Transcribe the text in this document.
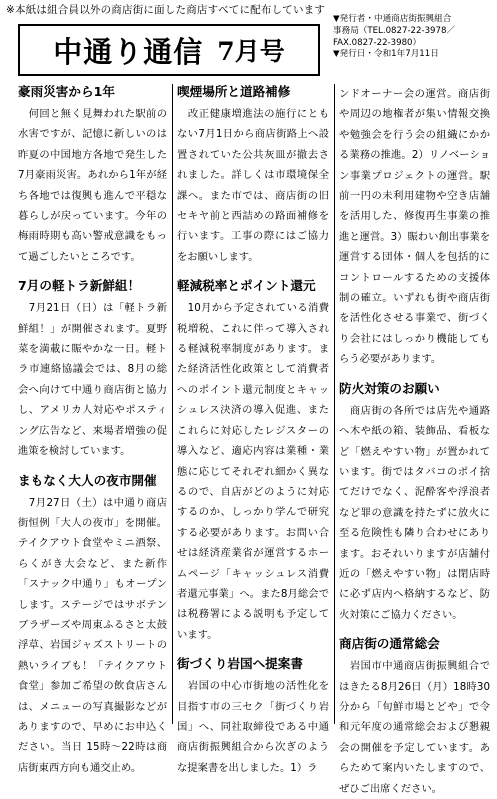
※本紙は組合員以外の商店街に面した商店すべてに配布しています
中通り通信 7月号
▼発行者・中通商店街振興組合
事務局（TEL.0827-22-3978／
FAX.0827-22-3980）
▼発行日・令和1年7月11日
豪雨災害から1年

　何回と無く見舞われた駅前の水害ですが、記憶に新しいのは昨夏の中国地方各地で発生した7月豪雨災害。あれから1年が経ち各地では復興も進んで平穏な暮らしが戻っています。今年の梅雨時期も高い警戒意識をもって過ごしたいところです。

7月の軽トラ新鮮組！

　7月21日（日）は「軽トラ新鮮組！」が開催されます。夏野菜を満載に賑やかな一日。軽トラ市連絡協議会では、8月の総会へ向けて中通り商店街と協力し、アメリカ人対応やポスティング広告など、来場者増強の促進策を検討しています。

まもなく大人の夜市開催

　7月27日（土）は中通り商店街恒例「大人の夜市」を開催。テイクアウト食堂やミニ酒祭、らくがき大会など、また新作「スナック中通り」もオープンします。ステージではサボテンブラザーズや周東ふるさと太鼓浮草、岩国ジャズストリートの熱いライブも！「テイクアウト食堂」参加ご希望の飲食店さんは、メニューの写真撮影などがありますので、早めにお申込ください。当日 15時〜22時は商店街東西方向も通交止め。

喫煙場所と道路補修

　改正健康増進法の施行にともない7月1日から商店街路上へ設置されていた公共灰皿が撤去されました。詳しくは市環境保全課へ。また市では、商店街の旧セキヤ前と西詰めの路面補修を行います。工事の際にはご協力をお願いします。

軽減税率とポイント還元

　10月から予定されている消費税増税、これに伴って導入される軽減税率制度があります。また経済活性化政策として消費者へのポイント還元制度とキャッシュレス決済の導入促進、またこれらに対応したレジスターの導入など、適応内容は業種・業態に応じてそれぞれ細かく異なるので、自店がどのように対応するのか、しっかり学んで研究する必要があります。お問い合せは経済産業省が運営するホームページ「キャッシュレス消費者還元事業」へ。また8月総会では税務署による説明も予定しています。

街づくり岩国へ提案書

　岩国の中心市街地の活性化を目指す市の三セク「街づくり岩国」へ、同社取締役である中通商店街振興組合から次ぎのような提案書を出しました。1）ラ

ンドオーナー会の運営。商店街や周辺の地権者が集い情報交換や勉強会を行う会の組織にかかる業務の推進。2）リノベーション事業プロジェクトの運営。駅前一円の未利用建物や空き店舗を活用した、修復再生事業の推進と運営。3）賑わい創出事業を運営する団体・個人を包括的にコントロールするための支援体制の確立。いずれも街や商店街を活性化させる事業で、街づくり会社にはしっかり機能してもらう必要があります。

防火対策のお願い

　商店街の各所では店先や通路へ木や紙の箱、装飾品、看板など「燃えやすい物」が置かれています。街ではタバコのポイ捨てだけでなく、泥酔客や浮浪者など罪の意識を持たずに放火に至る危険性も隣り合わせにあります。おそれいりますが店舗付近の「燃えやすい物」は閉店時に必ず店内へ格納するなど、防火対策にご協力ください。

商店街の通常総会

　岩国市中通商店街振興組合ではきたる8月26日（月）18時30分から「旬鮮市場とどや」で令和元年度の通常総会および懇親会の開催を予定しています。あらためて案内いたしますので、ぜひご出席ください。
